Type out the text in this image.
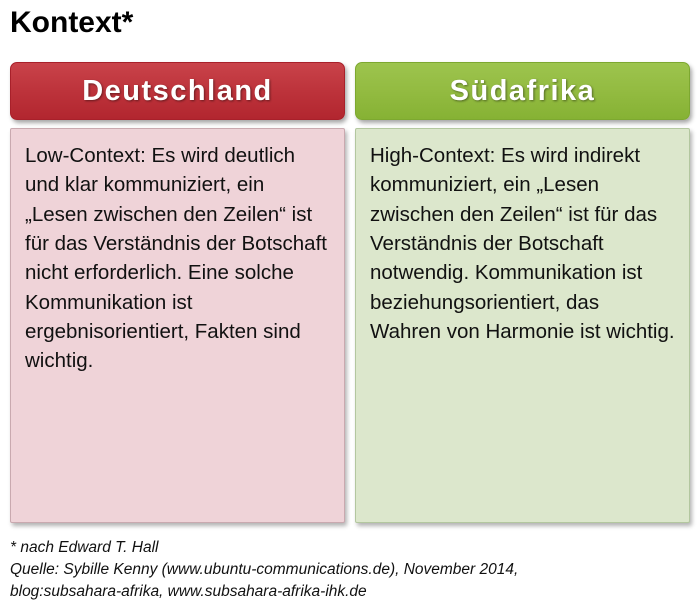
Kontext*
Deutschland
Low-Context: Es wird deutlich und klar kommuniziert, ein „Lesen zwischen den Zeilen“ ist für das Verständnis der Botschaft nicht erforderlich. Eine solche Kommunikation ist ergebnisorientiert, Fakten sind wichtig.
Südafrika
High-Context: Es wird indirekt kommuniziert, ein „Lesen zwischen den Zeilen“ ist für das Verständnis der Botschaft notwendig. Kommunikation ist beziehungsorientiert, das Wahren von Harmonie ist wichtig.
* nach Edward T. Hall
Quelle: Sybille Kenny (www.ubuntu-communications.de), November 2014,
blog:subsahara-afrika, www.subsahara-afrika-ihk.de
